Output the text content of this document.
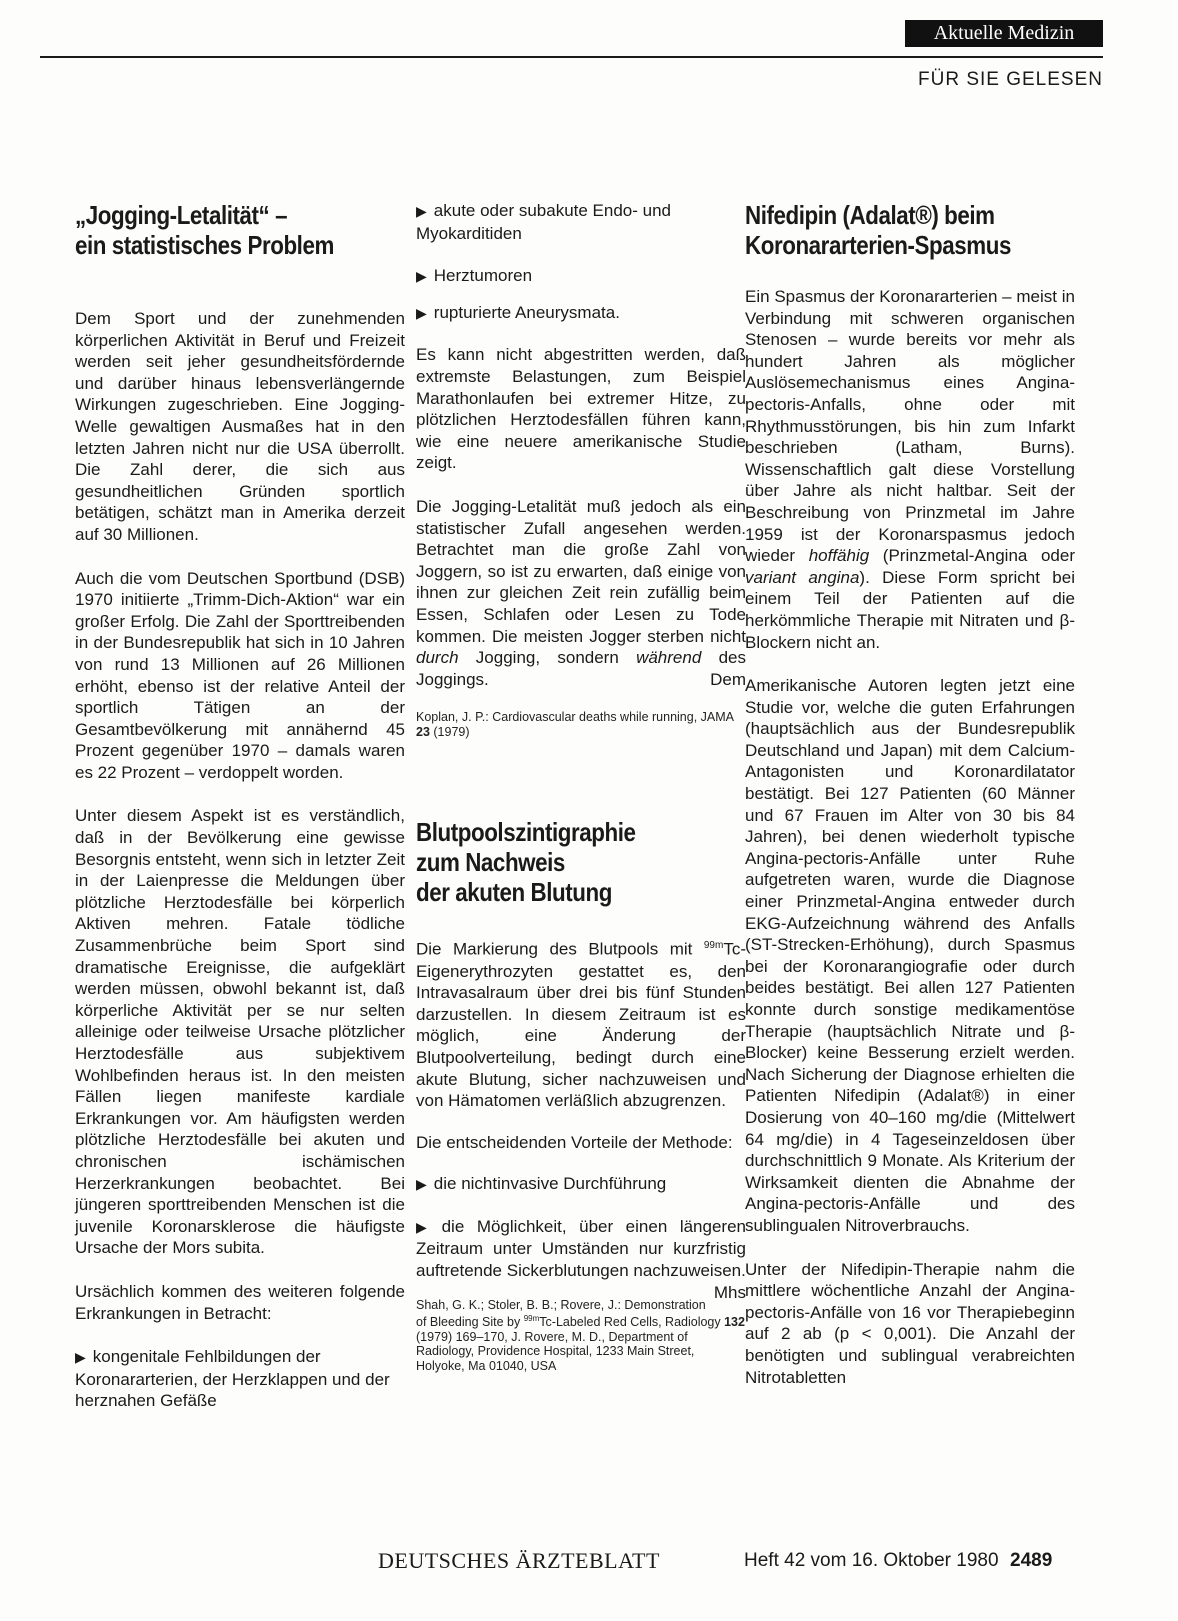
Aktuelle Medizin
FÜR SIE GELESEN
„Jogging-Letalität“ –
ein statistisches Problem

Dem Sport und der zunehmenden körperlichen Aktivität in Beruf und Freizeit werden seit jeher gesundheitsfördernde und darüber hinaus lebensverlängernde Wirkungen zugeschrieben. Eine Jogging-Welle gewaltigen Ausmaßes hat in den letzten Jahren nicht nur die USA überrollt. Die Zahl derer, die sich aus gesundheitlichen Gründen sportlich betätigen, schätzt man in Amerika derzeit auf 30 Millionen.

Auch die vom Deutschen Sportbund (DSB) 1970 initiierte „Trimm-Dich-Aktion“ war ein großer Erfolg. Die Zahl der Sporttreibenden in der Bundesrepublik hat sich in 10 Jahren von rund 13 Millionen auf 26 Millionen erhöht, ebenso ist der relative Anteil der sportlich Tätigen an der Gesamtbevölkerung mit annähernd 45 Prozent gegenüber 1970 – damals waren es 22 Prozent – verdoppelt worden.

Unter diesem Aspekt ist es verständlich, daß in der Bevölkerung eine gewisse Besorgnis entsteht, wenn sich in letzter Zeit in der Laienpresse die Meldungen über plötzliche Herztodesfälle bei körperlich Aktiven mehren. Fatale tödliche Zusammenbrüche beim Sport sind dramatische Ereignisse, die aufgeklärt werden müssen, obwohl bekannt ist, daß körperliche Aktivität per se nur selten alleinige oder teilweise Ursache plötzlicher Herztodesfälle aus subjektivem Wohlbefinden heraus ist. In den meisten Fällen liegen manifeste kardiale Erkrankungen vor. Am häufigsten werden plötzliche Herztodesfälle bei akuten und chronischen ischämischen Herzerkrankungen beobachtet. Bei jüngeren sporttreibenden Menschen ist die juvenile Koronarsklerose die häufigste Ursache der Mors subita.

Ursächlich kommen des weiteren folgende Erkrankungen in Betracht:

▶ kongenitale Fehlbildungen der Koronararterien, der Herzklappen und der herznahen Gefäße

▶ akute oder subakute Endo- und Myokarditiden

▶ Herztumoren

▶ rupturierte Aneurysmata.

Es kann nicht abgestritten werden, daß extremste Belastungen, zum Beispiel Marathonlaufen bei extremer Hitze, zu plötzlichen Herztodesfällen führen kann, wie eine neuere amerikanische Studie zeigt.

Die Jogging-Letalität muß jedoch als ein statistischer Zufall angesehen werden. Betrachtet man die große Zahl von Joggern, so ist zu erwarten, daß einige von ihnen zur gleichen Zeit rein zufällig beim Essen, Schlafen oder Lesen zu Tode kommen. Die meisten Jogger sterben nicht durch Jogging, sondern während des Joggings.	Dem

Koplan, J. P.: Cardiovascular deaths while running, JAMA 23 (1979)

Blutpoolszintigraphie
zum Nachweis
der akuten Blutung

Die Markierung des Blutpools mit $^{99m}$Tc-Eigenerythrozyten gestattet es, den Intravasalraum über drei bis fünf Stunden darzustellen. In diesem Zeitraum ist es möglich, eine Änderung der Blutpoolverteilung, bedingt durch eine akute Blutung, sicher nachzuweisen und von Hämatomen verläßlich abzugrenzen.

Die entscheidenden Vorteile der Methode:

▶ die nichtinvasive Durchführung

▶ die Möglichkeit, über einen längeren Zeitraum unter Umständen nur kurzfristig auftretende Sickerblutungen nachzuweisen.
Mhs

Shah, G. K.; Stoler, B. B.; Rovere, J.: Demonstration of Bleeding Site by $^{99m}$Tc-Labeled Red Cells, Radiology 132 (1979) 169–170, J. Rovere, M. D., Department of Radiology, Providence Hospital, 1233 Main Street, Holyoke, Ma 01040, USA

Nifedipin (Adalat®) beim
Koronararterien-Spasmus

Ein Spasmus der Koronararterien – meist in Verbindung mit schweren organischen Stenosen – wurde bereits vor mehr als hundert Jahren als möglicher Auslösemechanismus eines Angina-pectoris-Anfalls, ohne oder mit Rhythmusstörungen, bis hin zum Infarkt beschrieben (Latham, Burns). Wissenschaftlich galt diese Vorstellung über Jahre als nicht haltbar. Seit der Beschreibung von Prinzmetal im Jahre 1959 ist der Koronarspasmus jedoch wieder hoffähig (Prinzmetal-Angina oder variant angina). Diese Form spricht bei einem Teil der Patienten auf die herkömmliche Therapie mit Nitraten und β-Blockern nicht an.

Amerikanische Autoren legten jetzt eine Studie vor, welche die guten Erfahrungen (hauptsächlich aus der Bundesrepublik Deutschland und Japan) mit dem Calcium-Antagonisten und Koronardilatator bestätigt. Bei 127 Patienten (60 Männer und 67 Frauen im Alter von 30 bis 84 Jahren), bei denen wiederholt typische Angina-pectoris-Anfälle unter Ruhe aufgetreten waren, wurde die Diagnose einer Prinzmetal-Angina entweder durch EKG-Aufzeichnung während des Anfalls (ST-Strecken-Erhöhung), durch Spasmus bei der Koronarangiografie oder durch beides bestätigt. Bei allen 127 Patienten konnte durch sonstige medikamentöse Therapie (hauptsächlich Nitrate und β-Blocker) keine Besserung erzielt werden. Nach Sicherung der Diagnose erhielten die Patienten Nifedipin (Adalat®) in einer Dosierung von 40–160 mg/die (Mittelwert 64 mg/die) in 4 Tageseinzeldosen über durchschnittlich 9 Monate. Als Kriterium der Wirksamkeit dienten die Abnahme der Angina-pectoris-Anfälle und des sublingualen Nitroverbrauchs.

Unter der Nifedipin-Therapie nahm die mittlere wöchentliche Anzahl der Angina-pectoris-Anfälle von 16 vor Therapiebeginn auf 2 ab (p < 0,001). Die Anzahl der benötigten und sublingual verabreichten Nitrotabletten

DEUTSCHES ÄRZTEBLATT	Heft 42 vom 16. Oktober 1980 2489
